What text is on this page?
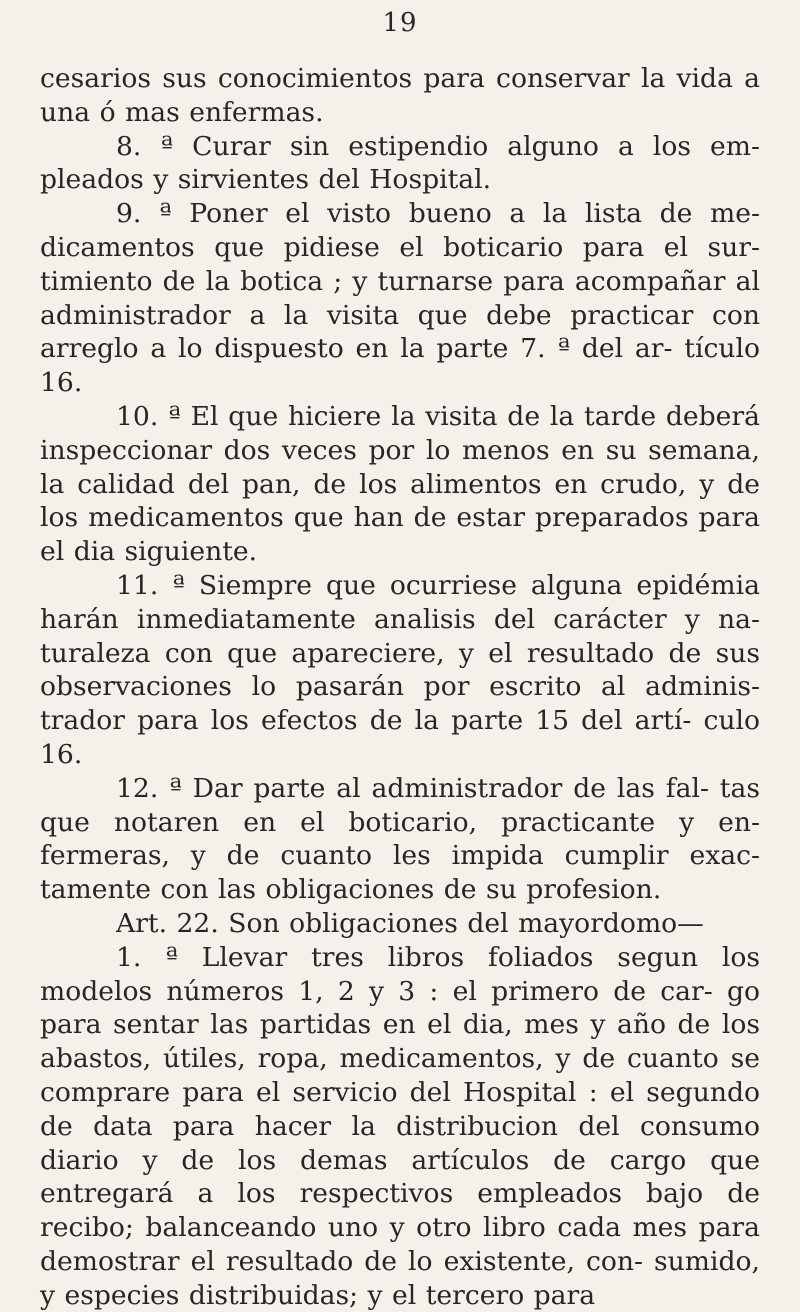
19

cesarios sus conocimientos para conservar la vida a una ó mas enfermas.

8. ª Curar sin estipendio alguno a los em- pleados y sirvientes del Hospital.

9. ª Poner el visto bueno a la lista de me- dicamentos que pidiese el boticario para el sur- timiento de la botica ; y turnarse para acompañar al administrador a la visita que debe practicar con arreglo a lo dispuesto en la parte 7. ª del ar- tículo 16.

10. ª El que hiciere la visita de la tarde deberá inspeccionar dos veces por lo menos en su semana, la calidad del pan, de los alimentos en crudo, y de los medicamentos que han de estar preparados para el dia siguiente.

11. ª Siempre que ocurriese alguna epidémia harán inmediatamente analisis del carácter y na- turaleza con que apareciere, y el resultado de sus observaciones lo pasarán por escrito al adminis- trador para los efectos de la parte 15 del artí- culo 16.

12. ª Dar parte al administrador de las fal- tas que notaren en el boticario, practicante y en- fermeras, y de cuanto les impida cumplir exac- tamente con las obligaciones de su profesion.

Art. 22. Son obligaciones del mayordomo—

1. ª Llevar tres libros foliados segun los modelos números 1, 2 y 3 : el primero de car- go para sentar las partidas en el dia, mes y año de los abastos, útiles, ropa, medicamentos, y de cuanto se comprare para el servicio del Hospital : el segundo de data para hacer la distribucion del consumo diario y de los demas artículos de cargo que entregará a los respectivos empleados bajo de recibo; balanceando uno y otro libro cada mes para demostrar el resultado de lo existente, con- sumido, y especies distribuidas; y el tercero para
